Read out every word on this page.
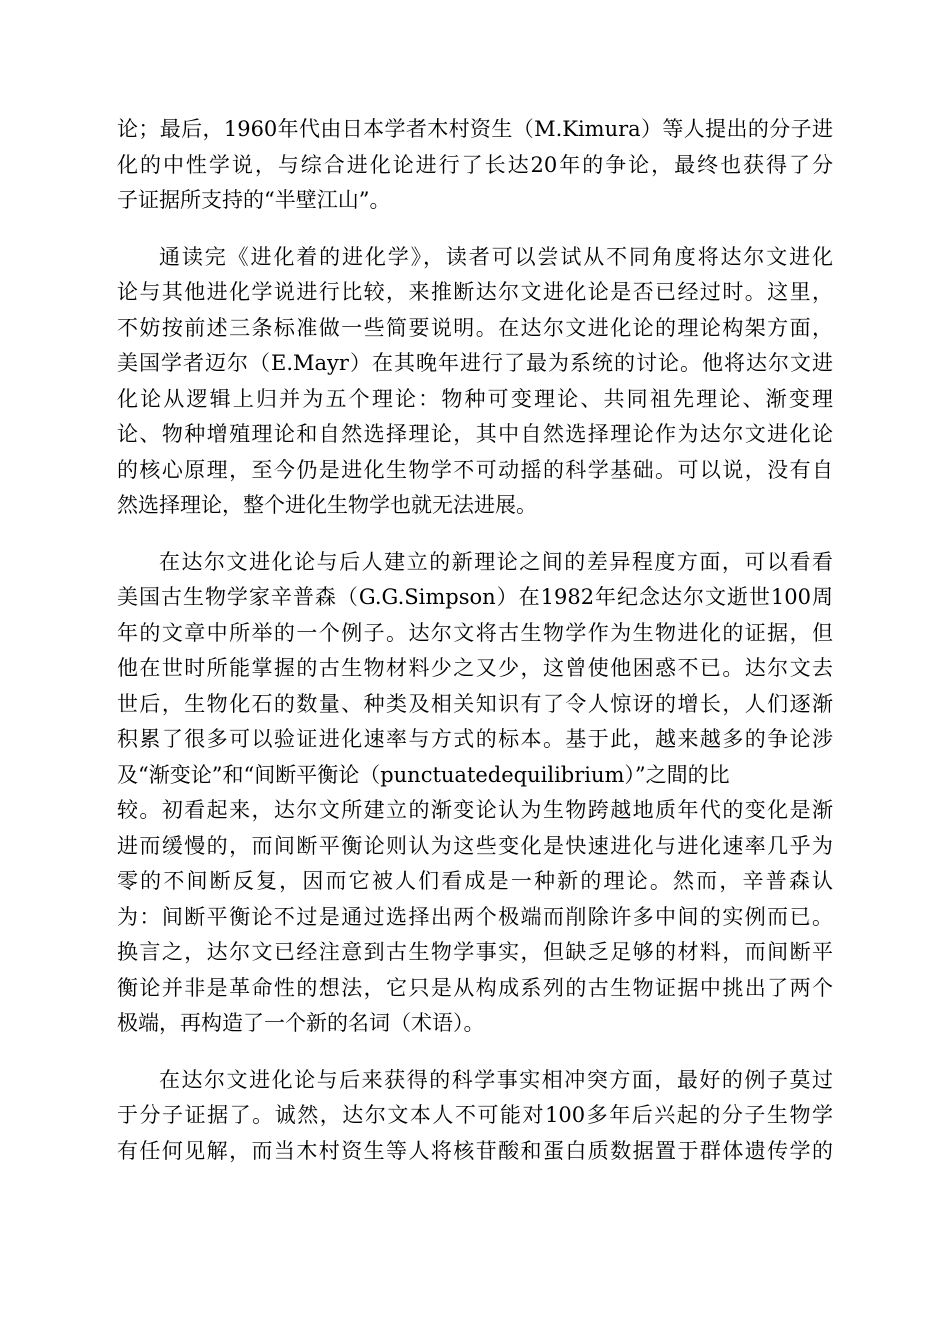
论；最后，1960年代由日本学者木村资生（M.Kimura）等人提出的分子进
化的中性学说，与综合进化论进行了长达20年的争论，最终也获得了分
子证据所支持的“半壁江山”。
通读完《进化着的进化学》，读者可以尝试从不同角度将达尔文进化
论与其他进化学说进行比较，来推断达尔文进化论是否已经过时。这里，
不妨按前述三条标准做一些简要说明。在达尔文进化论的理论构架方面，
美国学者迈尔（E.Mayr）在其晚年进行了最为系统的讨论。他将达尔文进
化论从逻辑上归并为五个理论：物种可变理论、共同祖先理论、渐变理
论、物种增殖理论和自然选择理论，其中自然选择理论作为达尔文进化论
的核心原理，至今仍是进化生物学不可动摇的科学基础。可以说，没有自
然选择理论，整个进化生物学也就无法进展。
在达尔文进化论与后人建立的新理论之间的差异程度方面，可以看看
美国古生物学家辛普森（G.G.Simpson）在1982年纪念达尔文逝世100周
年的文章中所举的一个例子。达尔文将古生物学作为生物进化的证据，但
他在世时所能掌握的古生物材料少之又少，这曾使他困惑不已。达尔文去
世后，生物化石的数量、种类及相关知识有了令人惊讶的增长，人们逐渐
积累了很多可以验证进化速率与方式的标本。基于此，越来越多的争论涉
及“渐变论”和“间断平衡论（punctuatedequilibrium）”之間的比
较。初看起来，达尔文所建立的渐变论认为生物跨越地质年代的变化是渐
进而缓慢的，而间断平衡论则认为这些变化是快速进化与进化速率几乎为
零的不间断反复，因而它被人们看成是一种新的理论。然而，辛普森认
为：间断平衡论不过是通过选择出两个极端而削除许多中间的实例而已。
换言之，达尔文已经注意到古生物学事实，但缺乏足够的材料，而间断平
衡论并非是革命性的想法，它只是从构成系列的古生物证据中挑出了两个
极端，再构造了一个新的名词（术语）。
在达尔文进化论与后来获得的科学事实相冲突方面，最好的例子莫过
于分子证据了。诚然，达尔文本人不可能对100多年后兴起的分子生物学
有任何见解，而当木村资生等人将核苷酸和蛋白质数据置于群体遗传学的
